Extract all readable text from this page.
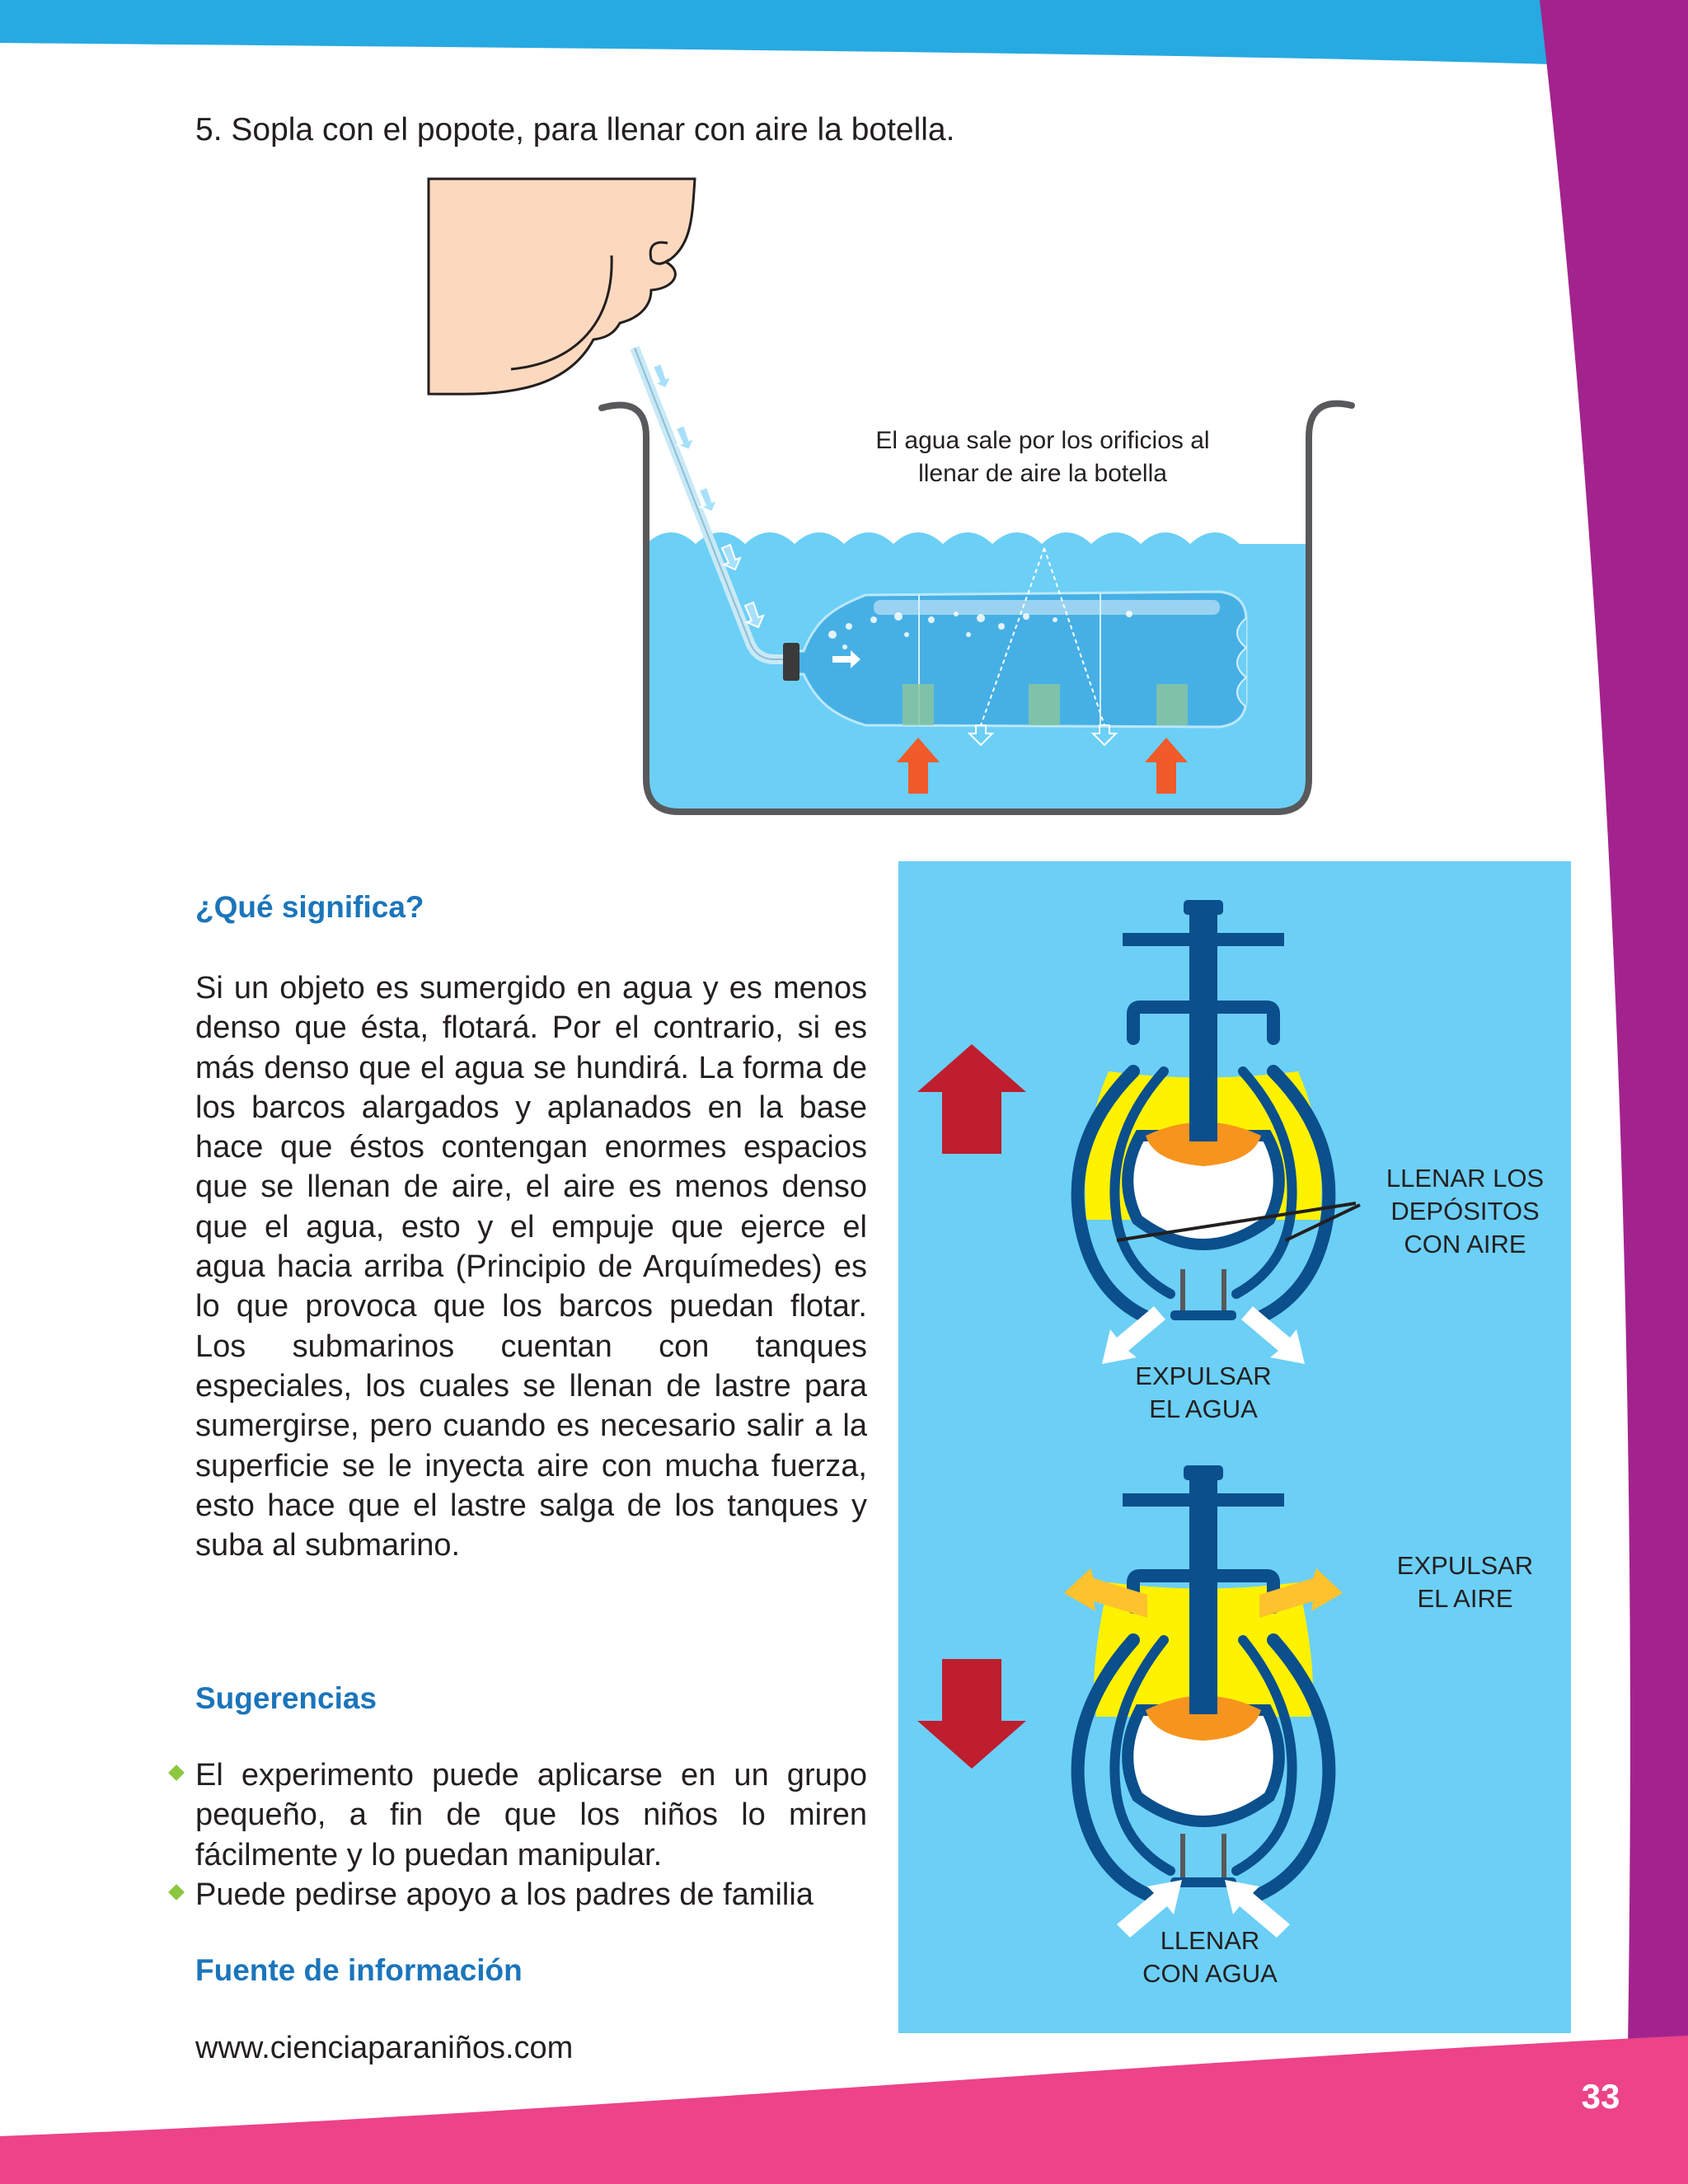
5. Sopla con el popote, para llenar con aire la botella.
El agua sale por los orificios al llenar de aire la botella
¿Qué significa?

Si un objeto es sumergido en agua y es menos denso que ésta, flotará. Por el contrario, si es más denso que el agua se hundirá. La forma de los barcos alargados y aplanados en la base hace que éstos contengan enormes espacios que se llenan de aire, el aire es menos denso que el agua, esto y el empuje que ejerce el agua hacia arriba (Principio de Arquímedes) es lo que provoca que los barcos puedan flotar. Los submarinos cuentan con tanques especiales, los cuales se llenan de lastre para sumergirse, pero cuando es necesario salir a la superficie se le inyecta aire con mucha fuerza, esto hace que el lastre salga de los tanques y suba al submarino.

LLENAR LOS
DEPÓSITOS
CON AIRE
EXPULSAR
EL AGUA
EXPULSAR
EL AIRE
LLENAR
CON AGUA
Sugerencias
El experimento puede aplicarse en un grupo pequeño, a fin de que los niños lo miren fácilmente y lo puedan manipular.
Puede pedirse apoyo a los padres de familia
Fuente de información
www.cienciaparaniños.com
33
